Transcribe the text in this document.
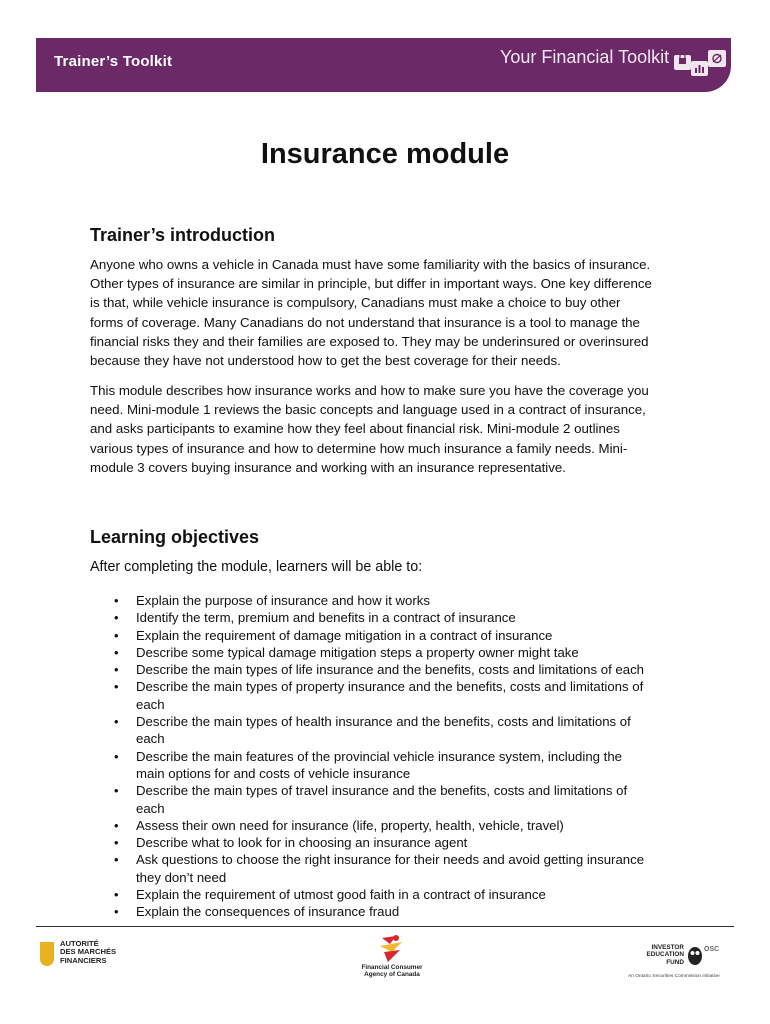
Trainer’s Toolkit	Your Financial Toolkit
Insurance module
Trainer’s introduction
Anyone who owns a vehicle in Canada must have some familiarity with the basics of insurance.
Other types of insurance are similar in principle, but differ in important ways. One key difference
is that, while vehicle insurance is compulsory, Canadians must make a choice to buy other
forms of coverage. Many Canadians do not understand that insurance is a tool to manage the
financial risks they and their families are exposed to. They may be underinsured or overinsured
because they have not understood how to get the best coverage for their needs.
This module describes how insurance works and how to make sure you have the coverage you
need. Mini-module 1 reviews the basic concepts and language used in a contract of insurance,
and asks participants to examine how they feel about financial risk. Mini-module 2 outlines
various types of insurance and how to determine how much insurance a family needs. Mini-
module 3 covers buying insurance and working with an insurance representative.
Learning objectives
After completing the module, learners will be able to:
• Explain the purpose of insurance and how it works
• Identify the term, premium and benefits in a contract of insurance
• Explain the requirement of damage mitigation in a contract of insurance
• Describe some typical damage mitigation steps a property owner might take
• Describe the main types of life insurance and the benefits, costs and limitations of each
• Describe the main types of property insurance and the benefits, costs and limitations of
each
• Describe the main types of health insurance and the benefits, costs and limitations of
each
• Describe the main features of the provincial vehicle insurance system, including the
main options for and costs of vehicle insurance
• Describe the main types of travel insurance and the benefits, costs and limitations of
each
• Assess their own need for insurance (life, property, health, vehicle, travel)
• Describe what to look for in choosing an insurance agent
• Ask questions to choose the right insurance for their needs and avoid getting insurance
they don’t need
• Explain the requirement of utmost good faith in a contract of insurance
• Explain the consequences of insurance fraud
AUTORITÉ
DES MARCHÉS
FINANCIERS
Financial Consumer
Agency of Canada
INVESTOR
EDUCATION
FUND
OSC
An Ontario Securities Commission initiative
